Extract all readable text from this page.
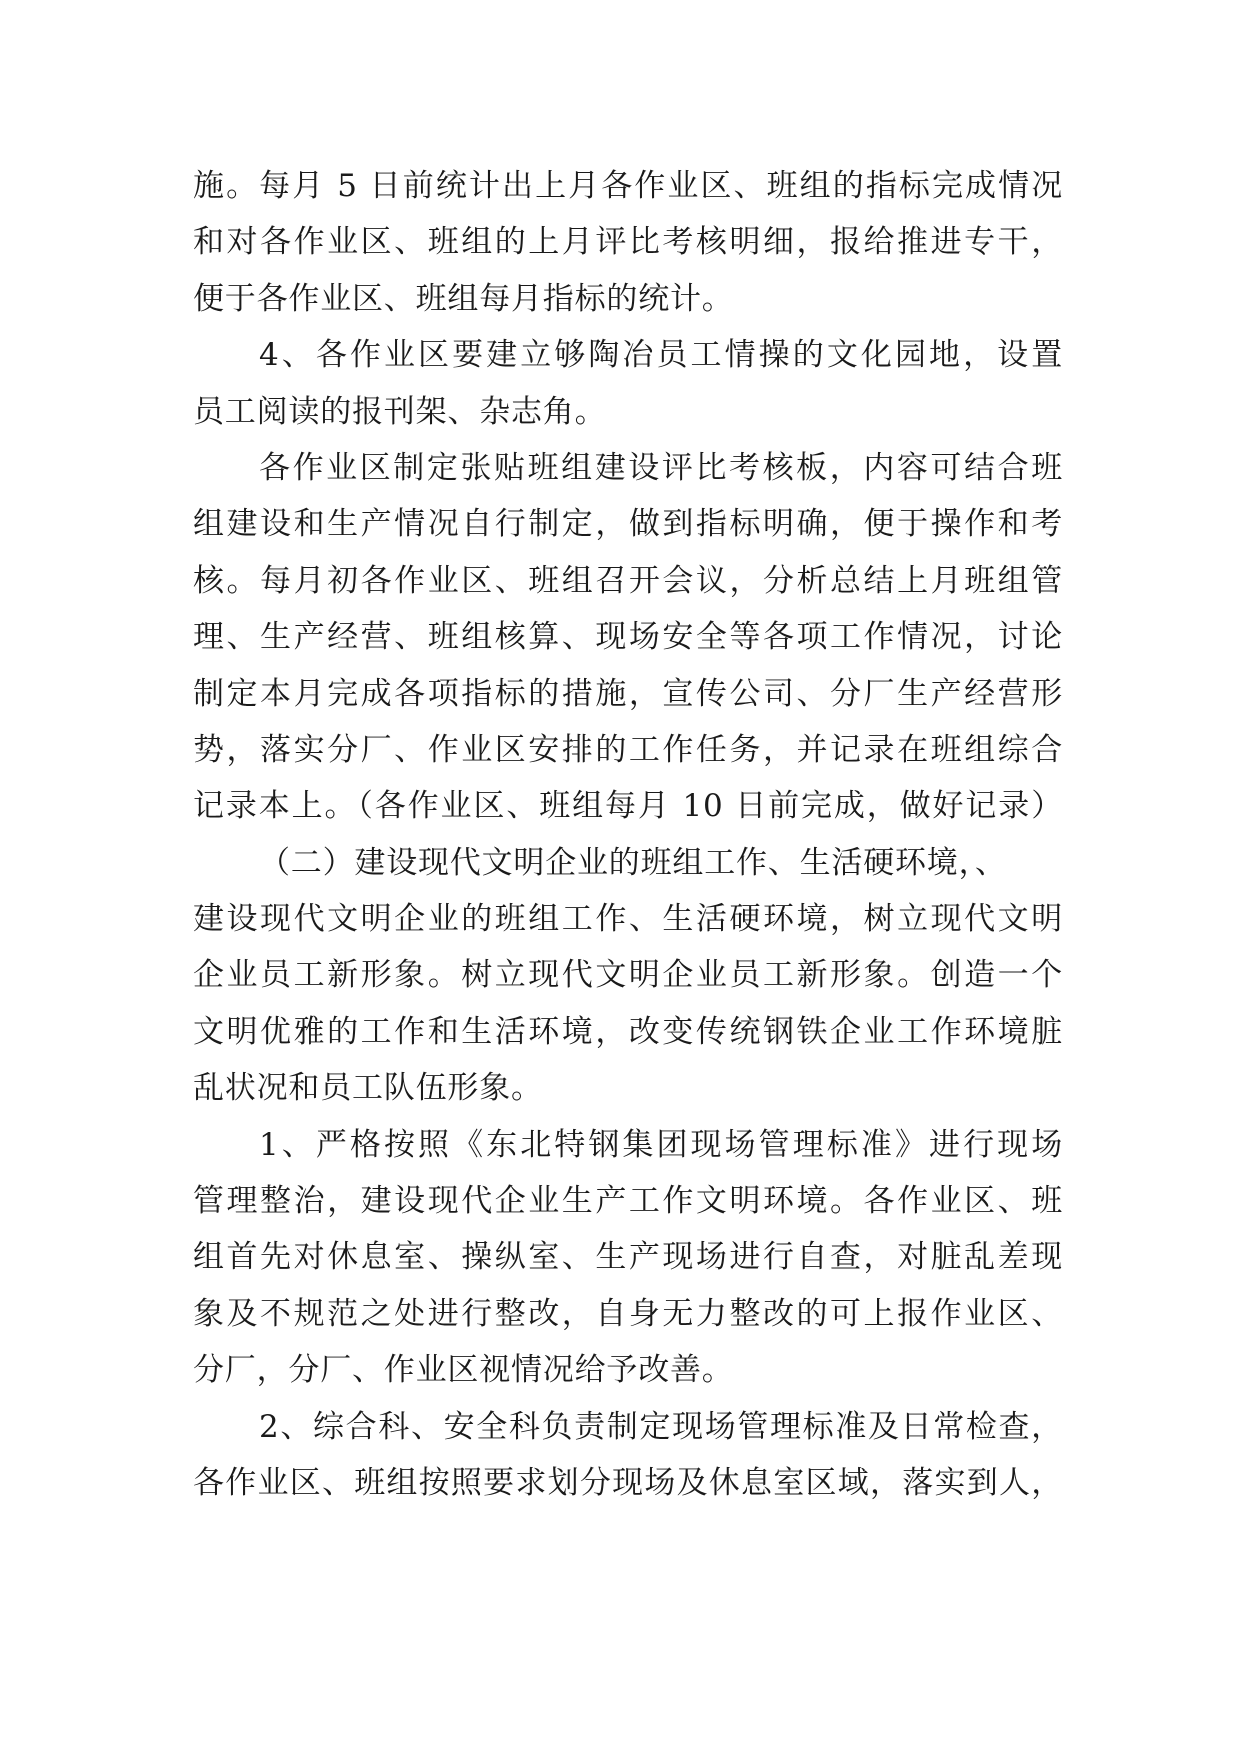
施。每月 5 日前统计出上月各作业区、班组的指标完成情况
和对各作业区、班组的上月评比考核明细，报给推进专干，
便于各作业区、班组每月指标的统计。
4、各作业区要建立够陶冶员工情操的文化园地，设置
员工阅读的报刊架、杂志角。
各作业区制定张贴班组建设评比考核板，内容可结合班
组建设和生产情况自行制定，做到指标明确，便于操作和考
核。每月初各作业区、班组召开会议，分析总结上月班组管
理、生产经营、班组核算、现场安全等各项工作情况，讨论
制定本月完成各项指标的措施，宣传公司、分厂生产经营形
势，落实分厂、作业区安排的工作任务，并记录在班组综合
记录本上。（各作业区、班组每月 10 日前完成，做好记录）
（二）建设现代文明企业的班组工作、生活硬环境，、
建设现代文明企业的班组工作、生活硬环境，树立现代文明
企业员工新形象。树立现代文明企业员工新形象。创造一个
文明优雅的工作和生活环境，改变传统钢铁企业工作环境脏
乱状况和员工队伍形象。
1、严格按照《东北特钢集团现场管理标准》进行现场
管理整治，建设现代企业生产工作文明环境。各作业区、班
组首先对休息室、操纵室、生产现场进行自查，对脏乱差现
象及不规范之处进行整改，自身无力整改的可上报作业区、
分厂，分厂、作业区视情况给予改善。
2、综合科、安全科负责制定现场管理标准及日常检查，
各作业区、班组按照要求划分现场及休息室区域，落实到人，
